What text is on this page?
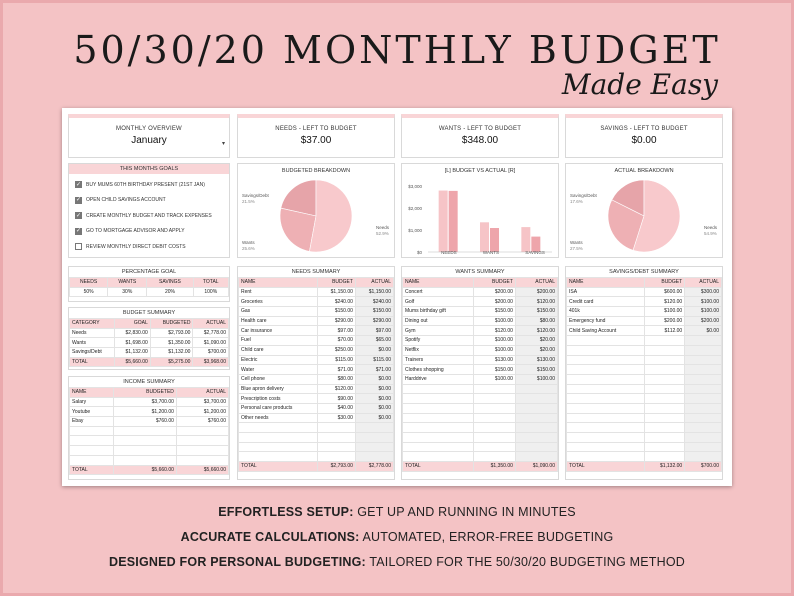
50/30/20 MONTHLY BUDGET
Made Easy
MONTHLY OVERVIEW
January	▾
NEEDS - LEFT TO BUDGET
$37.00
WANTS - LEFT TO BUDGET
$348.00
SAVINGS - LEFT TO BUDGET
$0.00
THIS MONTHS GOALS
✓ BUY MUMS 60TH BIRTHDAY PRESENT (21ST JAN)
✓ OPEN CHILD SAVINGS ACCOUNT
✓ CREATE MONTHLY BUDGET AND TRACK EXPENSES
✓ GO TO MORTGAGE ADVISOR AND APPLY
REVIEW MONTHLY DIRECT DEBIT COSTS
BUDGETED BREAKDOWN
Savings/Debt
21.5%
Needs
52.9%
Wants
25.6%
[L] BUDGET VS ACTUAL [R]
$3,000
$2,000
$1,000
$0	NEEDS	WANTS	SAVINGS
ACTUAL BREAKDOWN
Savings/Debt
17.6%
Needs
54.9%
Wants
27.5%
PERCENTAGE GOAL
NEEDS	WANTS	SAVINGS	TOTAL
50%	30%	20%	100%
BUDGET SUMMARY
CATEGORY	GOAL	BUDGETED	ACTUAL
Needs	$2,830.00	$2,793.00	$2,778.00
Wants	$1,698.00	$1,350.00	$1,090.00
Savings/Debt	$1,132.00	$1,132.00	$700.00
TOTAL	$5,660.00	$5,275.00	$3,968.00
INCOME SUMMARY
NAME	BUDGETED	ACTUAL
Salary	$3,700.00	$3,700.00
Youtube	$1,200.00	$1,200.00
Ebay	$760.00	$760.00

TOTAL	$5,660.00	$5,660.00
NEEDS SUMMARY
NAME	BUDGET	ACTUAL
Rent	$1,150.00	$1,150.00
Groceries	$240.00	$240.00
Gas	$150.00	$150.00
Health care	$290.00	$290.00
Car insurance	$97.00	$97.00
Fuel	$70.00	$65.00
Child care	$250.00	$0.00
Electric	$115.00	$115.00
Water	$71.00	$71.00
Cell phone	$80.00	$0.00
Blue apron delivery	$120.00	$0.00
Prescription costs	$90.00	$0.00
Personal care products	$40.00	$0.00
Other needs	$30.00	$0.00

TOTAL	$2,793.00	$2,778.00
WANTS SUMMARY
NAME	BUDGET	ACTUAL
Concert	$200.00	$200.00
Golf	$200.00	$120.00
Mums birthday gift	$150.00	$150.00
Dining out	$100.00	$80.00
Gym	$120.00	$120.00
Spotify	$100.00	$20.00
Netflix	$100.00	$20.00
Trainers	$130.00	$130.00
Clothes shopping	$150.00	$150.00
Harddrive	$100.00	$100.00

TOTAL	$1,350.00	$1,090.00
SAVINGS/DEBT SUMMARY
NAME	BUDGET	ACTUAL
ISA	$600.00	$300.00
Credit card	$120.00	$100.00
401k	$100.00	$100.00
Emergency fund	$200.00	$200.00
Child Saving Account	$112.00	$0.00

TOTAL	$1,132.00	$700.00
EFFORTLESS SETUP: GET UP AND RUNNING IN MINUTES
ACCURATE CALCULATIONS: AUTOMATED, ERROR-FREE BUDGETING
DESIGNED FOR PERSONAL BUDGETING: TAILORED FOR THE 50/30/20 BUDGETING METHOD
